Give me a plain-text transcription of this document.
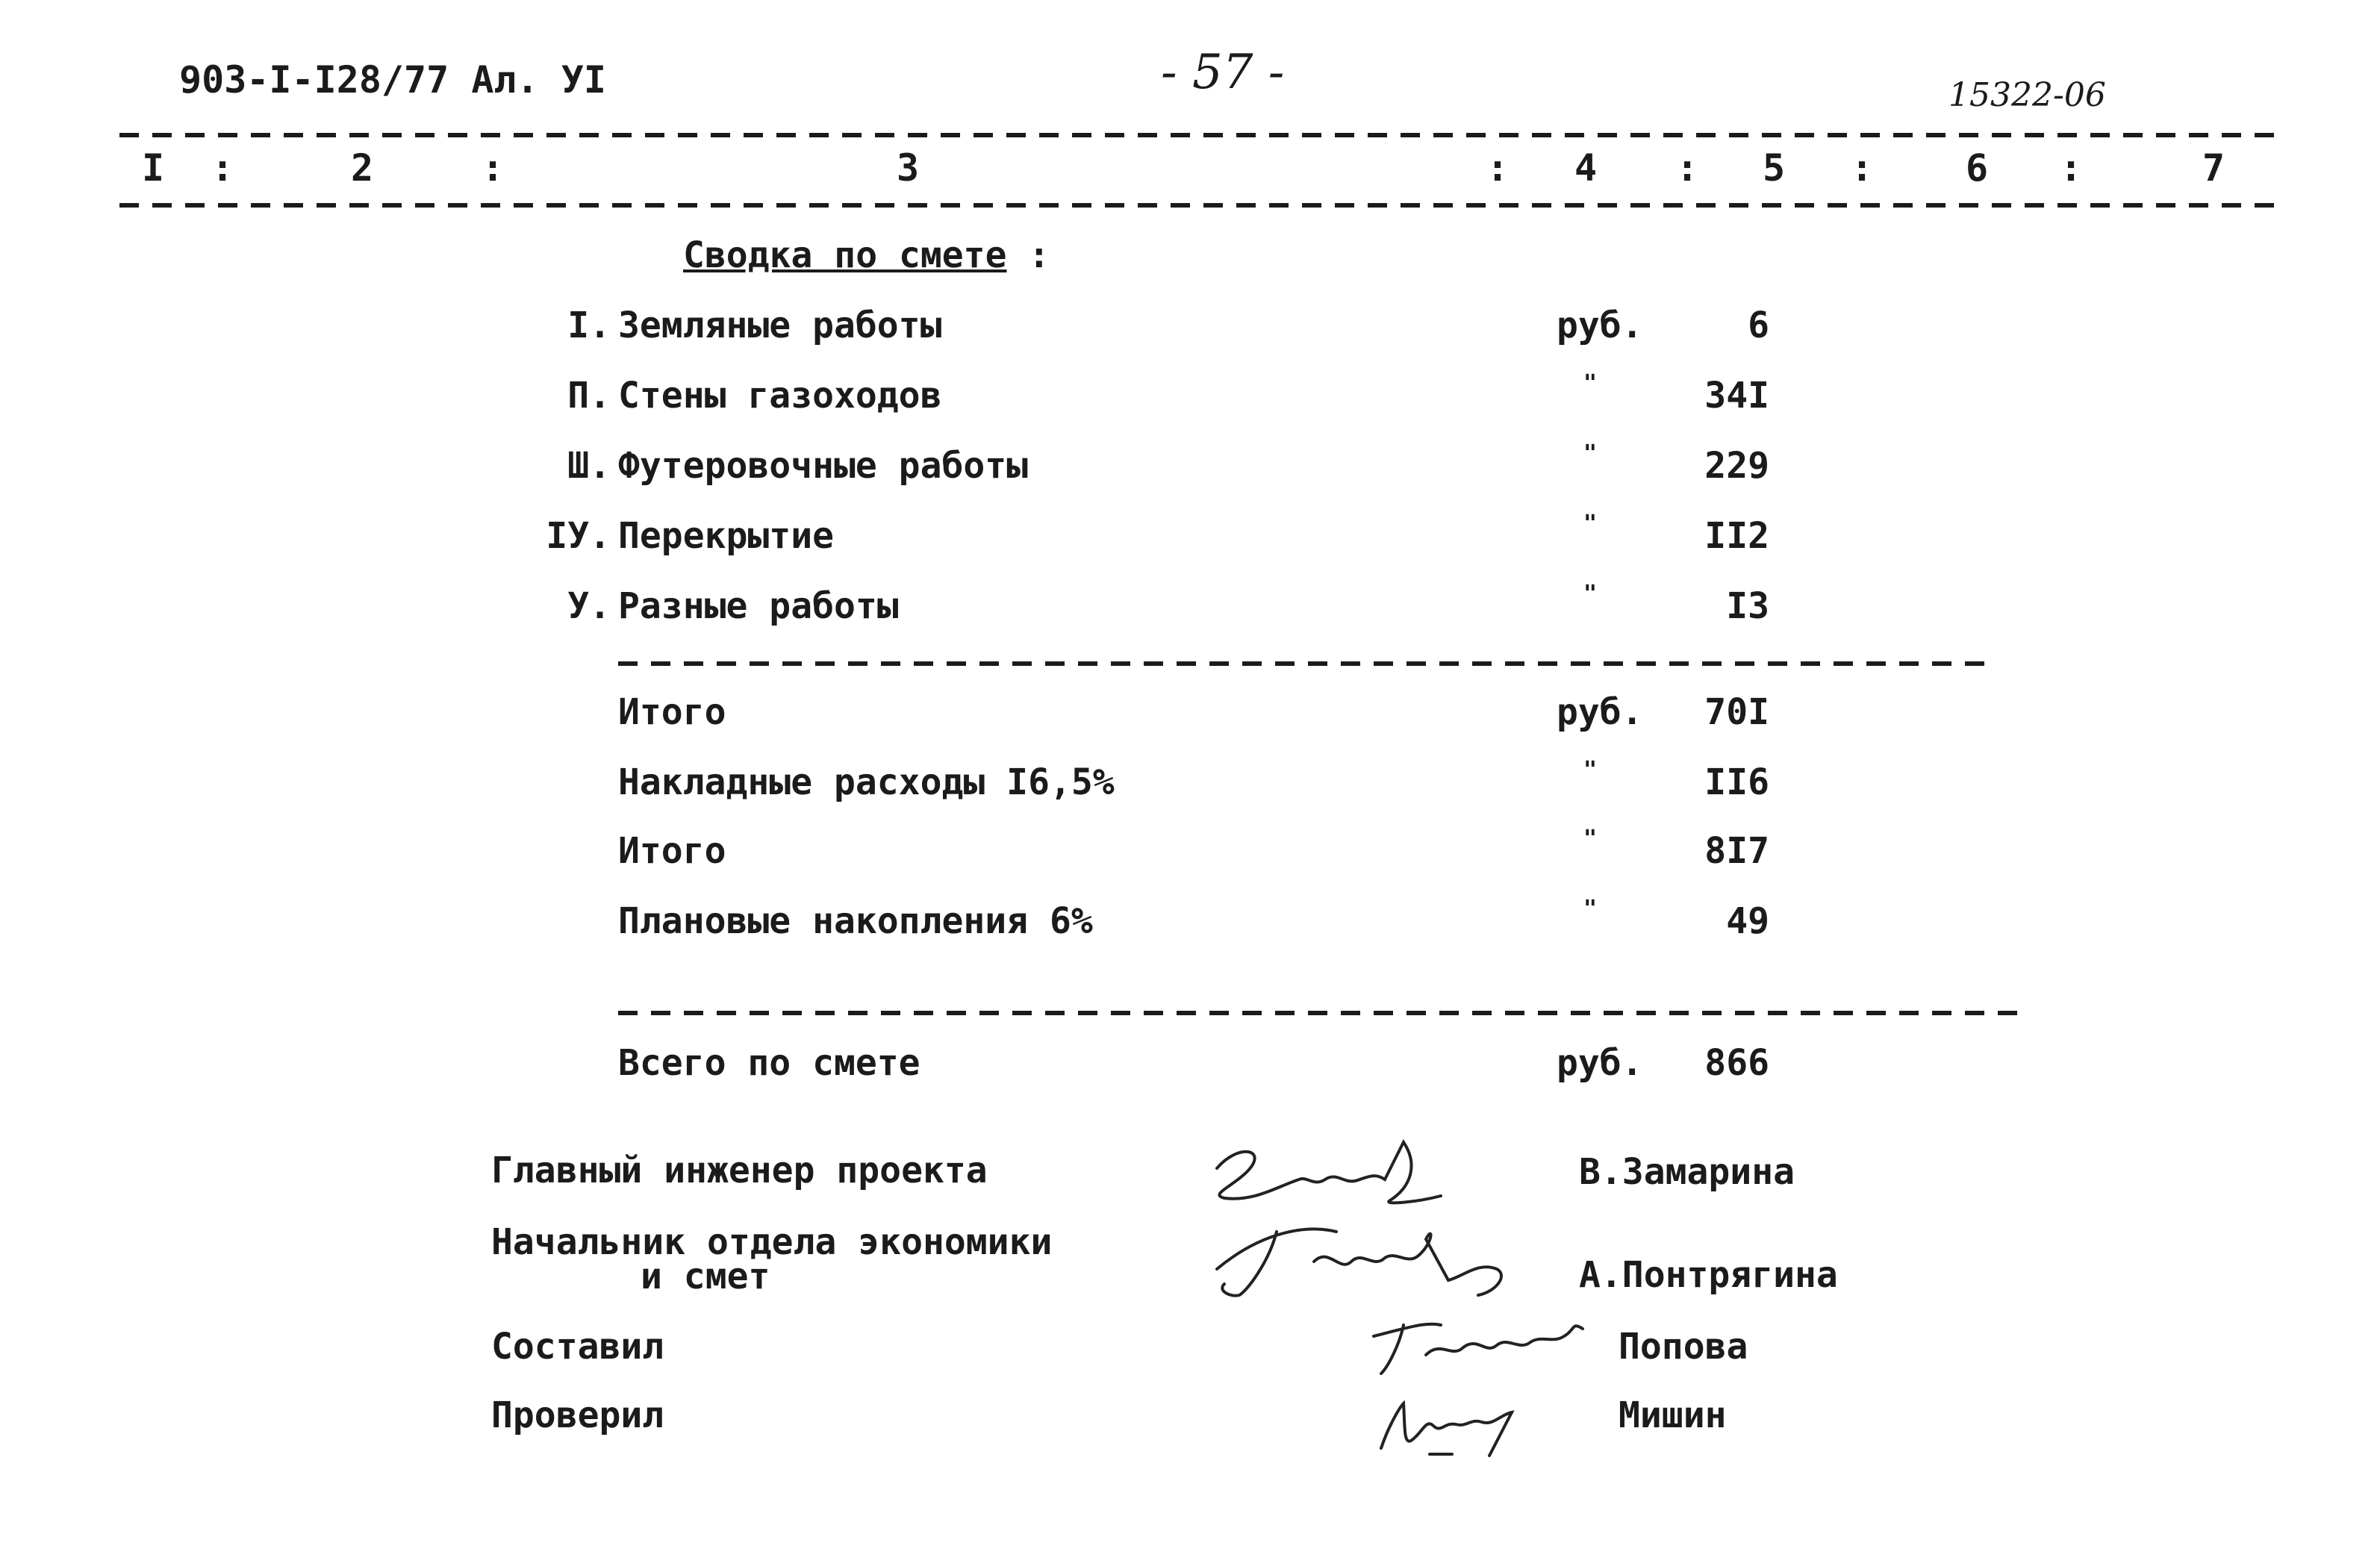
903-I-I28/77 Ал. УI	- 57 -	15322-06
I :	2	:	3	: 4 : 5 : 6 :	7
Сводка по смете :
I. Земляные работы	руб.	6
П. Стены газоходов	"	34I
Ш. Футеровочные работы	"	229
IУ. Перекрытие	"	II2
У. Разные работы	"	I3
Итого	руб.	70I
Накладные расходы I6,5%	"	II6
Итого	"	8I7
Плановые накопления 6%	"	49
Всего по смете	руб.	866
Главный инженер проекта	В.Замарина
Начальник отдела экономики
и смет	А.Понтрягина
Составил	Попова
Проверил	Мишин
